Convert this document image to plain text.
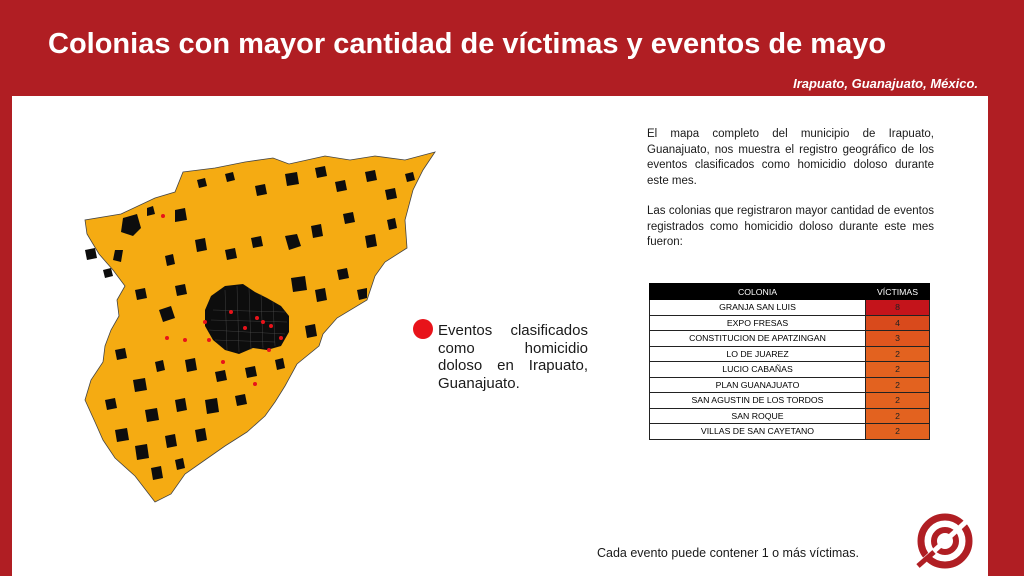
Colonias con mayor cantidad de víctimas y eventos de mayo
Irapuato, Guanajuato, México.
Eventos clasificados como homicidio doloso en Irapuato, Guanajuato.
El mapa completo del municipio de Irapuato, Guanajuato, nos muestra el registro geográfico de los eventos clasificados como homicidio doloso durante este mes.
Las colonias que registraron mayor cantidad de eventos registrados como homicidio doloso durante este mes fueron:
COLONIA	VÍCTIMAS
GRANJA SAN LUIS	8
EXPO FRESAS	4
CONSTITUCION DE APATZINGAN	3
LO DE JUAREZ	2
LUCIO CABAÑAS	2
PLAN GUANAJUATO	2
SAN AGUSTIN DE LOS TORDOS	2
SAN ROQUE	2
VILLAS DE SAN CAYETANO	2
Cada evento puede contener 1 o más víctimas.
